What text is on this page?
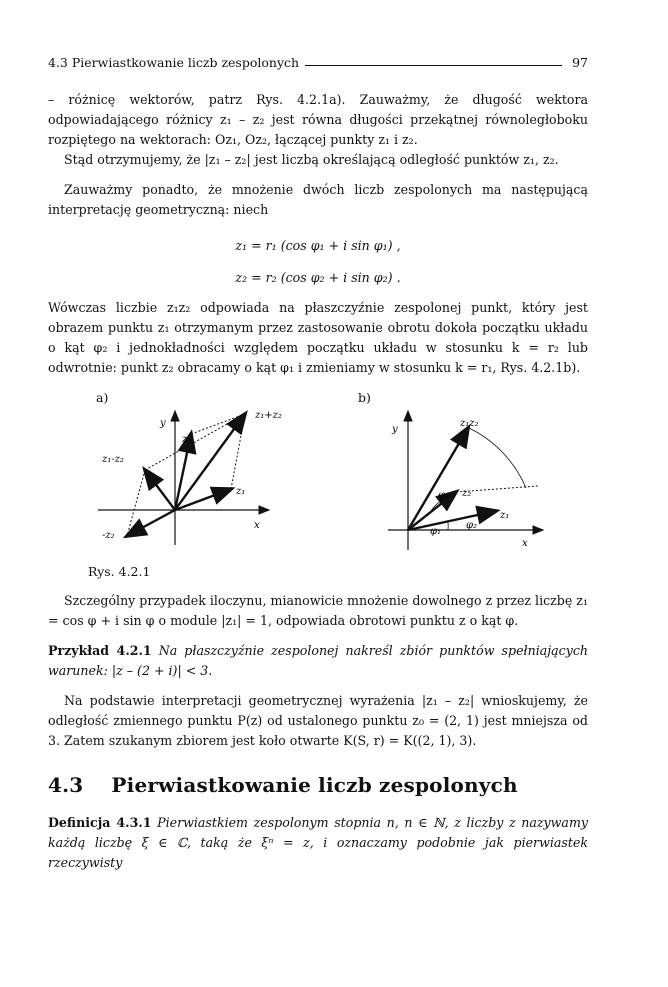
4.3 Pierwiastkowanie liczb zespolonych	97

– różnicę wektorów, patrz Rys. 4.2.1a). Zauważmy, że długość wektora odpowiadającego różnicy z₁ – z₂ jest równa długości przekątnej równoległoboku rozpiętego na wektorach: Oz₁, Oz₂, łączącej punkty z₁ i z₂.

Stąd otrzymujemy, że |z₁ – z₂| jest liczbą określającą odległość punktów z₁, z₂.

Zauważmy ponadto, że mnożenie dwóch liczb zespolonych ma następującą interpretację geometryczną: niech

z₁ = r₁ (cos φ₁ + i sin φ₁) ,
z₂ = r₂ (cos φ₂ + i sin φ₂) .

Wówczas liczbie z₁z₂ odpowiada na płaszczyźnie zespolonej punkt, który jest obrazem punktu z₁ otrzymanym przez zastosowanie obrotu dokoła początku układu o kąt φ₂ i jednokładności względem początku układu w stosunku k = r₂ lub odwrotnie: punkt z₂ obracamy o kąt φ₁ i zmieniamy w stosunku k = r₁, Rys. 4.2.1b).

a)	b)
y
x
z₂
z₁
z₁+z₂
z₁-z₂
-z₂
y
x
z₁z₂
z₂
z₁
φ₁
φ₁
φ₂
Rys. 4.2.1

Szczególny przypadek iloczynu, mianowicie mnożenie dowolnego z przez liczbę z₁ = cos φ + i sin φ o module |z₁| = 1, odpowiada obrotowi punktu z o kąt φ.

Przykład 4.2.1 Na płaszczyźnie zespolonej nakreśl zbiór punktów spełniających warunek: |z – (2 + i)| < 3.

Na podstawie interpretacji geometrycznej wyrażenia |z₁ – z₂| wnioskujemy, że odległość zmiennego punktu P(z) od ustalonego punktu z₀ = (2, 1) jest mniejsza od 3. Zatem szukanym zbiorem jest koło otwarte K(S, r) = K((2, 1), 3).

4.3 Pierwiastkowanie liczb zespolonych

Definicja 4.3.1 Pierwiastkiem zespolonym stopnia n, n ∈ ℕ, z liczby z nazywamy każdą liczbę ξ ∈ ℂ, taką że ξⁿ = z, i oznaczamy podobnie jak pierwiastek rzeczywisty
